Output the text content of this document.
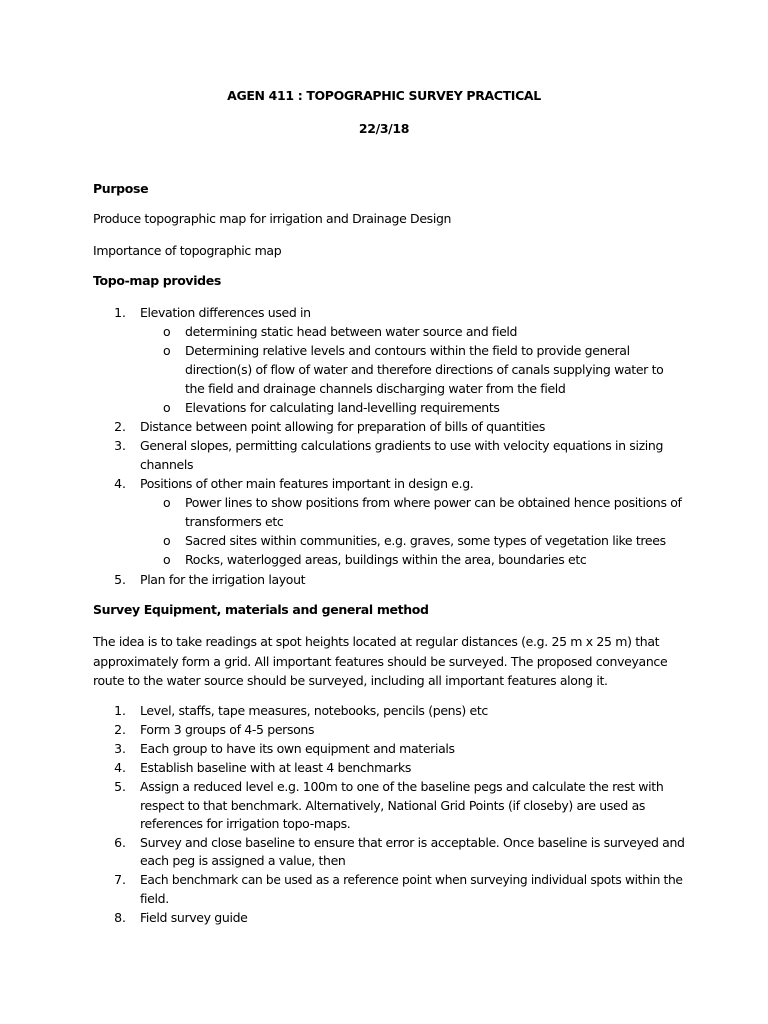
AGEN 411 : TOPOGRAPHIC SURVEY PRACTICAL
22/3/18
Purpose
Produce topographic map for irrigation and Drainage Design
Importance of topographic map
Topo-map provides
1. Elevation differences used in
o determining static head between water source and field
o Determining relative levels and contours within the field to provide general
direction(s) of flow of water and therefore directions of canals supplying water to
the field and drainage channels discharging water from the field
o Elevations for calculating land-levelling requirements
2. Distance between point allowing for preparation of bills of quantities
3. General slopes, permitting calculations gradients to use with velocity equations in sizing
channels
4. Positions of other main features important in design e.g.
o Power lines to show positions from where power can be obtained hence positions of
transformers etc
o Sacred sites within communities, e.g. graves, some types of vegetation like trees
o Rocks, waterlogged areas, buildings within the area, boundaries etc
5. Plan for the irrigation layout
Survey Equipment, materials and general method
The idea is to take readings at spot heights located at regular distances (e.g. 25 m x 25 m) that
approximately form a grid. All important features should be surveyed. The proposed conveyance
route to the water source should be surveyed, including all important features along it.
1. Level, staffs, tape measures, notebooks, pencils (pens) etc
2. Form 3 groups of 4-5 persons
3. Each group to have its own equipment and materials
4. Establish baseline with at least 4 benchmarks
5. Assign a reduced level e.g. 100m to one of the baseline pegs and calculate the rest with
respect to that benchmark. Alternatively, National Grid Points (if closeby) are used as
references for irrigation topo-maps.
6. Survey and close baseline to ensure that error is acceptable. Once baseline is surveyed and
each peg is assigned a value, then
7. Each benchmark can be used as a reference point when surveying individual spots within the
field.
8. Field survey guide
